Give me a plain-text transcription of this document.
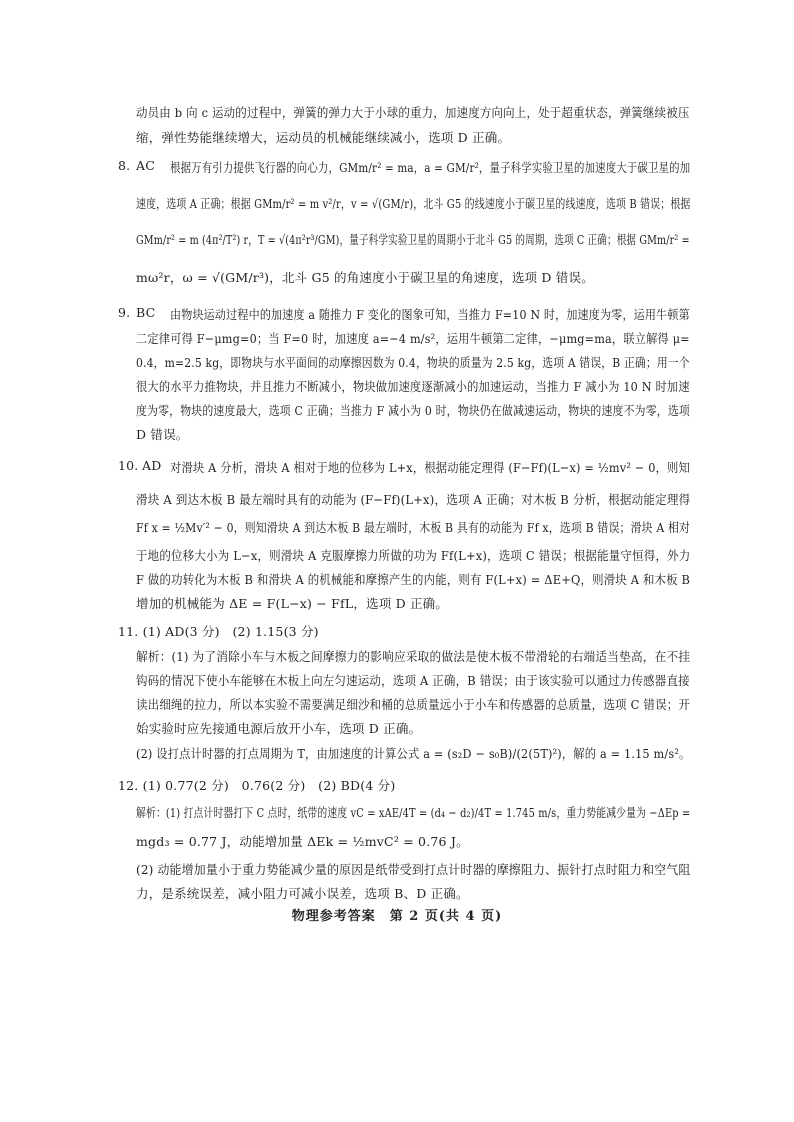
动员由 b 向 c 运动的过程中，弹簧的弹力大于小球的重力，加速度方向向上，处于超重状态，弹簧继续被压
缩，弹性势能继续增大，运动员的机械能继续减小，选项 D 正确。
8. AC 根据万有引力提供飞行器的向心力，GMm/r² = ma，a = GM/r²，量子科学实验卫星的加速度大于碳卫星的加
速度，选项 A 正确；根据 GMm/r² = m v²/r，v = √(GM/r)，北斗 G5 的线速度小于碳卫星的线速度，选项 B 错误；根据
GMm/r² = m (4π²/T²) r，T = √(4π²r³/GM)，量子科学实验卫星的周期小于北斗 G5 的周期，选项 C 正确；根据 GMm/r² =
mω²r，ω = √(GM/r³)，北斗 G5 的角速度小于碳卫星的角速度，选项 D 错误。
9. BC 由物块运动过程中的加速度 a 随推力 F 变化的图象可知，当推力 F=10 N 时，加速度为零，运用牛顿第
二定律可得 F−μmg=0；当 F=0 时，加速度 a=−4 m/s²，运用牛顿第二定律，−μmg=ma，联立解得 μ=
0.4，m=2.5 kg，即物块与水平面间的动摩擦因数为 0.4，物块的质量为 2.5 kg，选项 A 错误，B 正确；用一个
很大的水平力推物块，并且推力不断减小，物块做加速度逐渐减小的加速运动，当推力 F 减小为 10 N 时加速
度为零，物块的速度最大，选项 C 正确；当推力 F 减小为 0 时，物块仍在做减速运动，物块的速度不为零，选项
D 错误。
10. AD 对滑块 A 分析，滑块 A 相对于地的位移为 L+x，根据动能定理得 (F−Ff)(L−x) = ½mv² − 0，则知
滑块 A 到达木板 B 最左端时具有的动能为 (F−Ff)(L+x)，选项 A 正确；对木板 B 分析，根据动能定理得
Ff x = ½Mv′² − 0，则知滑块 A 到达木板 B 最左端时，木板 B 具有的动能为 Ff x，选项 B 错误；滑块 A 相对
于地的位移大小为 L−x，则滑块 A 克服摩擦力所做的功为 Ff(L+x)，选项 C 错误；根据能量守恒得，外力
F 做的功转化为木板 B 和滑块 A 的机械能和摩擦产生的内能，则有 F(L+x) = ΔE+Q，则滑块 A 和木板 B
增加的机械能为 ΔE = F(L−x) − FfL，选项 D 正确。
11. (1) AD(3 分)　(2) 1.15(3 分)
解析：(1) 为了消除小车与木板之间摩擦力的影响应采取的做法是使木板不带滑轮的右端适当垫高，在不挂
钩码的情况下使小车能够在木板上向左匀速运动，选项 A 正确，B 错误；由于该实验可以通过力传感器直接
读出细绳的拉力，所以本实验不需要满足细沙和桶的总质量远小于小车和传感器的总质量，选项 C 错误；开
始实验时应先接通电源后放开小车，选项 D 正确。
(2) 设打点计时器的打点周期为 T，由加速度的计算公式 a = (s₂D − s₀B)/(2(5T)²)，解的 a = 1.15 m/s²。
12. (1) 0.77(2 分)　0.76(2 分)　(2) BD(4 分)
解析：(1) 打点计时器打下 C 点时，纸带的速度 vC = xAE/4T = (d₄ − d₂)/4T = 1.745 m/s，重力势能减少量为 −ΔEp =
mgd₃ = 0.77 J，动能增加量 ΔEk = ½mvC² = 0.76 J。
(2) 动能增加量小于重力势能减少量的原因是纸带受到打点计时器的摩擦阻力、振针打点时阻力和空气阻
力，是系统误差，减小阻力可减小误差，选项 B、D 正确。
物理参考答案　第 2 页(共 4 页)
